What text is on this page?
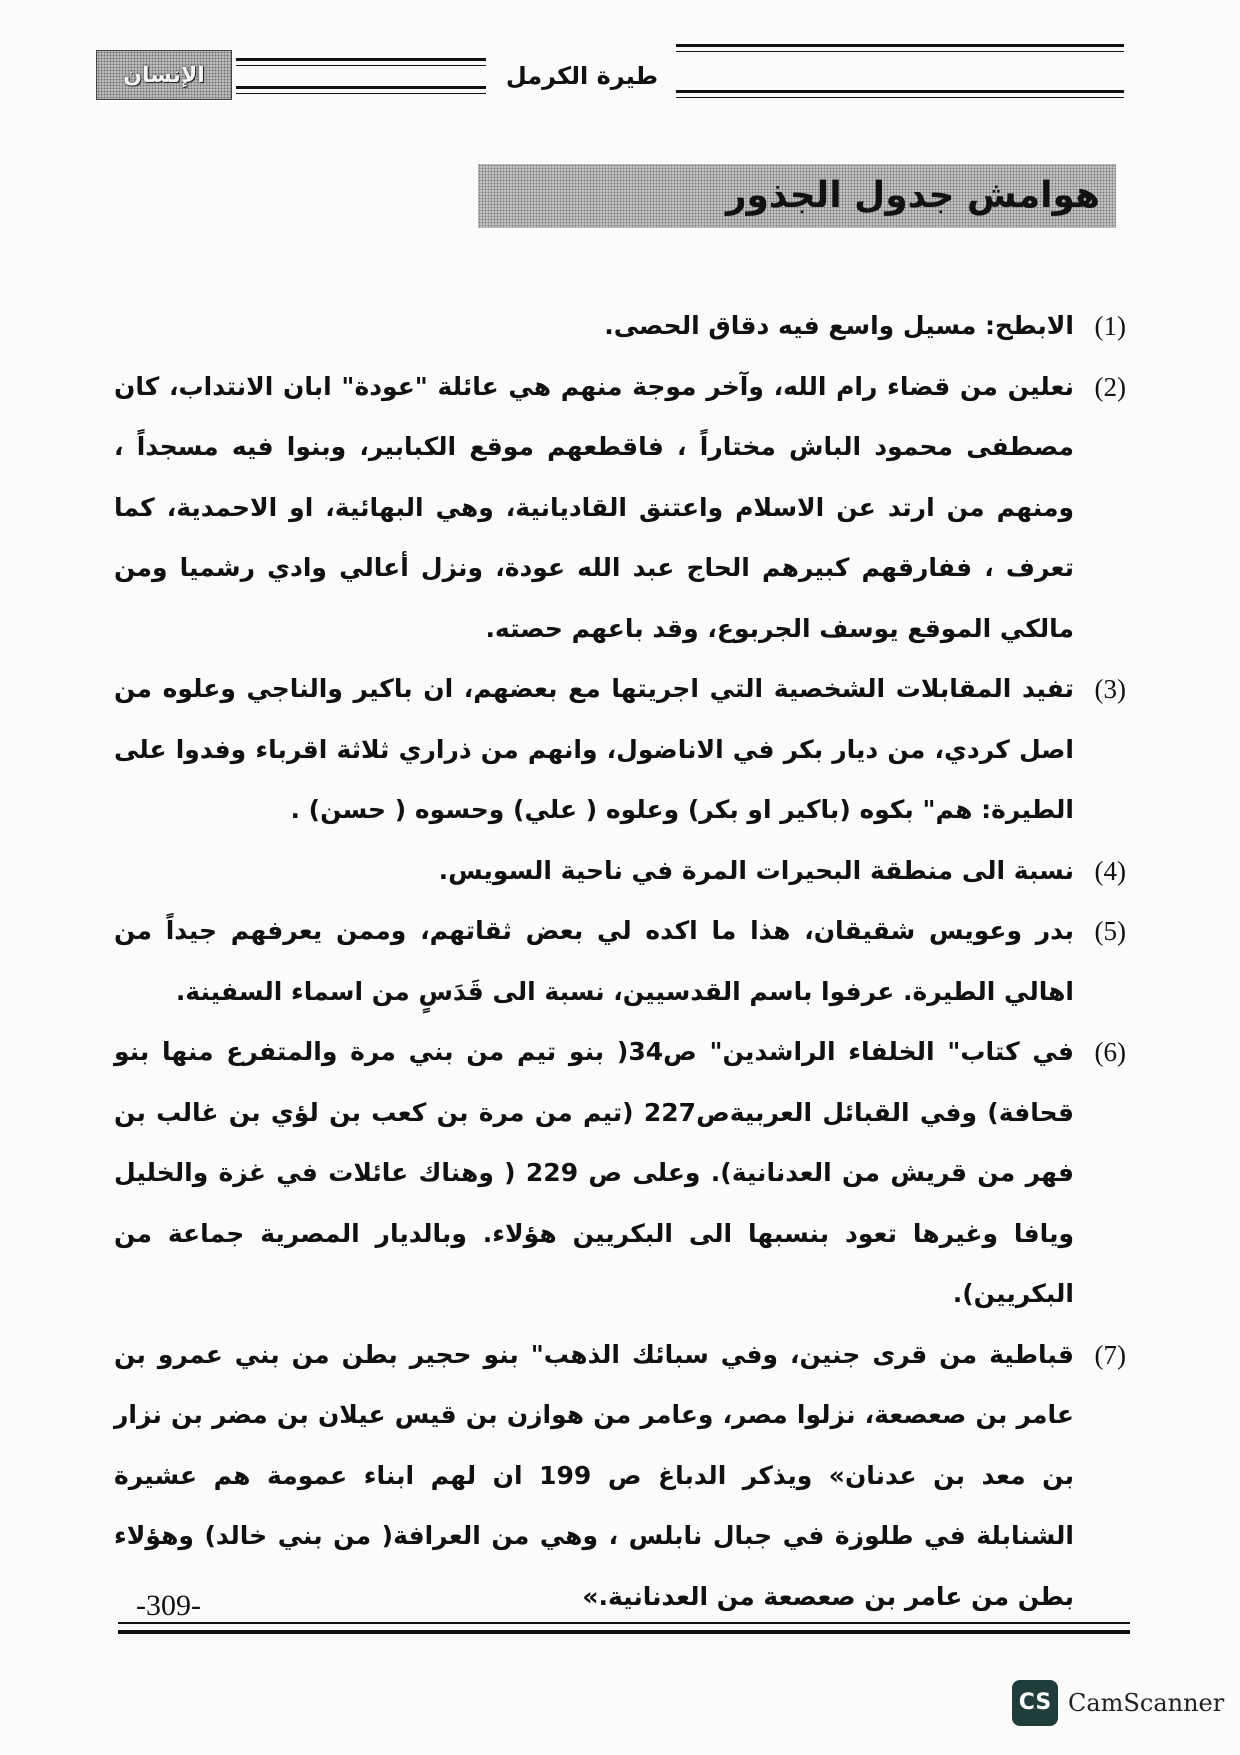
الإنسان	طيرة الكرمل
هوامش جدول الجذور

(1)
الابطح: مسيل واسع فيه دقاق الحصى.

(2)
نعلين من قضاء رام الله، وآخر موجة منهم هي عائلة "عودة" ابان الانتداب، كان مصطفى محمود الباش مختاراً ، فاقطعهم موقع الكبابير، وبنوا فيه مسجداً ، ومنهم من ارتد عن الاسلام واعتنق القاديانية، وهي البهائية، او الاحمدية، كما تعرف ، ففارقهم كبيرهم الحاج عبد الله عودة، ونزل أعالي وادي رشميا ومن مالكي الموقع يوسف الجربوع، وقد باعهم حصته.

(3)
تفيد المقابلات الشخصية التي اجريتها مع بعضهم، ان باكير والناجي وعلوه من اصل كردي، من ديار بكر في الاناضول، وانهم من ذراري ثلاثة اقرباء وفدوا على الطيرة: هم" بكوه (باكير او بكر) وعلوه ( علي) وحسوه ( حسن) .

(4)
نسبة الى منطقة البحيرات المرة في ناحية السويس.

(5)
بدر وعويس شقيقان، هذا ما اكده لي بعض ثقاتهم، وممن يعرفهم جيداً من اهالي الطيرة. عرفوا باسم القدسيين، نسبة الى قَدَسٍ من اسماء السفينة.

(6)
في كتاب" الخلفاء الراشدين" ص34( بنو تيم من بني مرة والمتفرع منها بنو قحافة) وفي القبائل العربيةص227 (تيم من مرة بن كعب بن لؤي بن غالب بن فهر من قريش من العدنانية). وعلى ص 229 ( وهناك عائلات في غزة والخليل ويافا وغيرها تعود بنسبها الى البكريين هؤلاء. وبالديار المصرية جماعة من البكريين).

(7)
قباطية من قرى جنين، وفي سبائك الذهب" بنو حجير بطن من بني عمرو بن عامر بن صعصعة، نزلوا مصر، وعامر من هوازن بن قيس عيلان بن مضر بن نزار بن معد بن عدنان» ويذكر الدباغ ص 199 ان لهم ابناء عمومة هم عشيرة الشنابلة في طلوزة في جبال نابلس ، وهي من العرافة( من بني خالد) وهؤلاء بطن من عامر بن صعصعة من العدنانية.»

-309-
CS CamScanner
